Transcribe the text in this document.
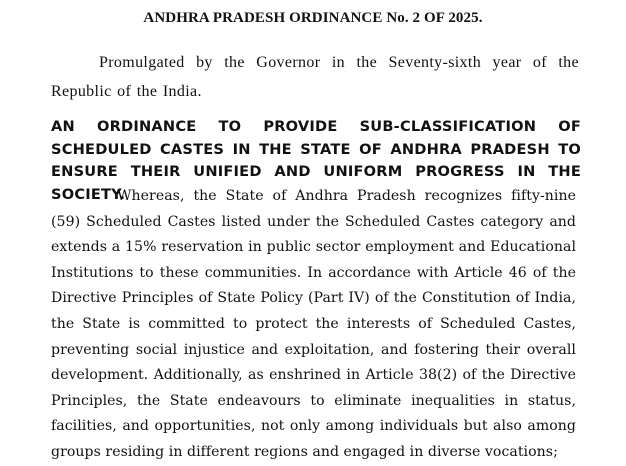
ANDHRA PRADESH ORDINANCE No. 2 OF 2025.
Promulgated by the Governor in the Seventy-sixth year of the Republic of the India.
AN ORDINANCE TO PROVIDE SUB-CLASSIFICATION OF SCHEDULED CASTES IN THE STATE OF ANDHRA PRADESH TO ENSURE THEIR UNIFIED AND UNIFORM PROGRESS IN THE SOCIETY.
Whereas, the State of Andhra Pradesh recognizes fifty-nine (59) Scheduled Castes listed under the Scheduled Castes category and extends a 15% reservation in public sector employment and Educational Institutions to these communities. In accordance with Article 46 of the Directive Principles of State Policy (Part IV) of the Constitution of India, the State is committed to protect the interests of Scheduled Castes, preventing social injustice and exploitation, and fostering their overall development. Additionally, as enshrined in Article 38(2) of the Directive Principles, the State endeavours to eliminate inequalities in status, facilities, and opportunities, not only among individuals but also among groups residing in different regions and engaged in diverse vocations;
